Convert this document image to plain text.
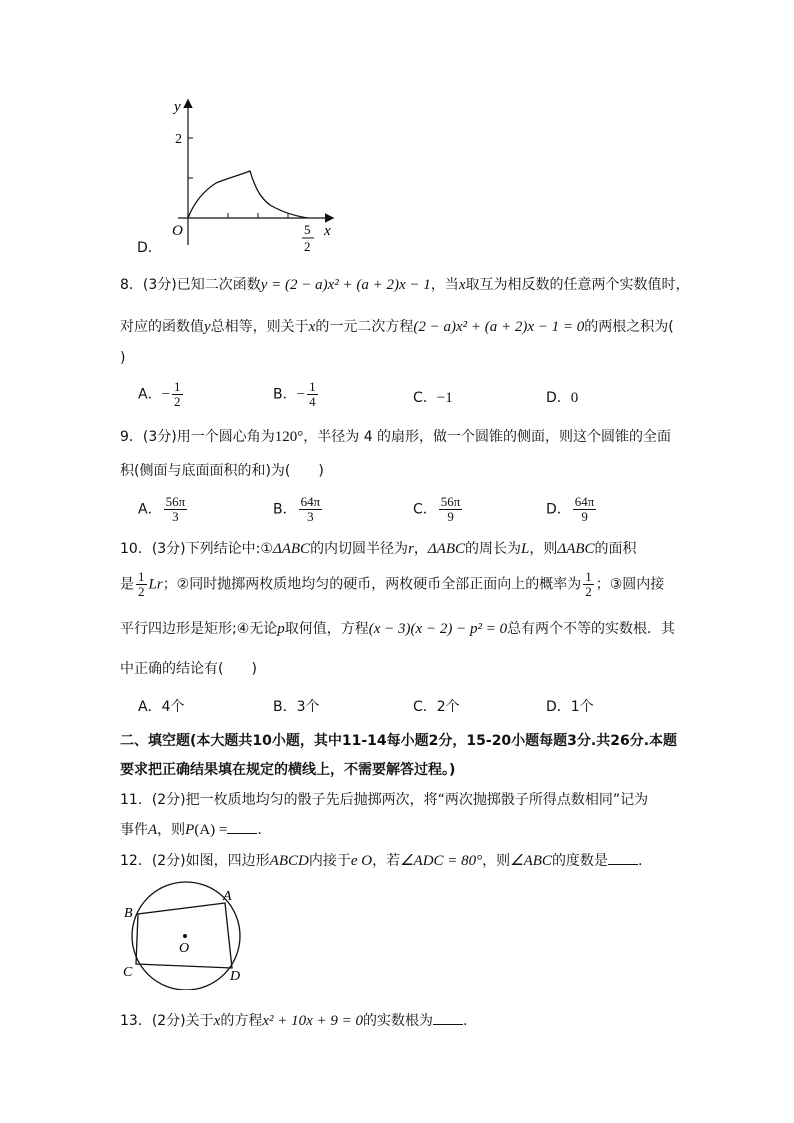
y
2
O	5
2
x
D.
8．(3分)已知二次函数y = (2 − a)x² + (a + 2)x − 1，当x取互为相反数的任意两个实数值时，
对应的函数值y总相等，则关于x的一元二次方程(2 − a)x² + (a + 2)x − 1 = 0的两根之积为(
)
A．− $\frac{1}{2}$	B．− $\frac{1}{4}$	C．−1	D．0
9．(3分)用一个圆心角为120°，半径为 4 的扇形，做一个圆锥的侧面，则这个圆锥的全面
积(侧面与底面面积的和)为(　　)
A． $\frac{56\pi}{3}$	B． $\frac{64\pi}{3}$	C． $\frac{56\pi}{9}$	D． $\frac{64\pi}{9}$
10．(3分)下列结论中:①ΔABC的内切圆半径为r，ΔABC的周长为L，则ΔABC的面积
是 $\frac{1}{2}$ Lr；②同时抛掷两枚质地均匀的硬币，两枚硬币全部正面向上的概率为 $\frac{1}{2}$ ；③圆内接
平行四边形是矩形;④无论p取何值，方程(x − 3)(x − 2) − p² = 0总有两个不等的实数根．其
中正确的结论有(　　)
A．4个	B．3个	C．2个	D．1个
二、填空题(本大题共10小题，其中11-14每小题2分，15-20小题每题3分.共26分.本题
要求把正确结果填在规定的横线上，不需要解答过程。)
11．(2分)把一枚质地均匀的骰子先后抛掷两次，将“两次抛掷骰子所得点数相同”记为
事件A，则P(A) = .
12．(2分)如图，四边形ABCD内接于e O，若∠ADC = 80°，则∠ABC的度数是 .
A
B
O
C	D
13．(2分)关于x的方程x² + 10x + 9 = 0的实数根为 .
